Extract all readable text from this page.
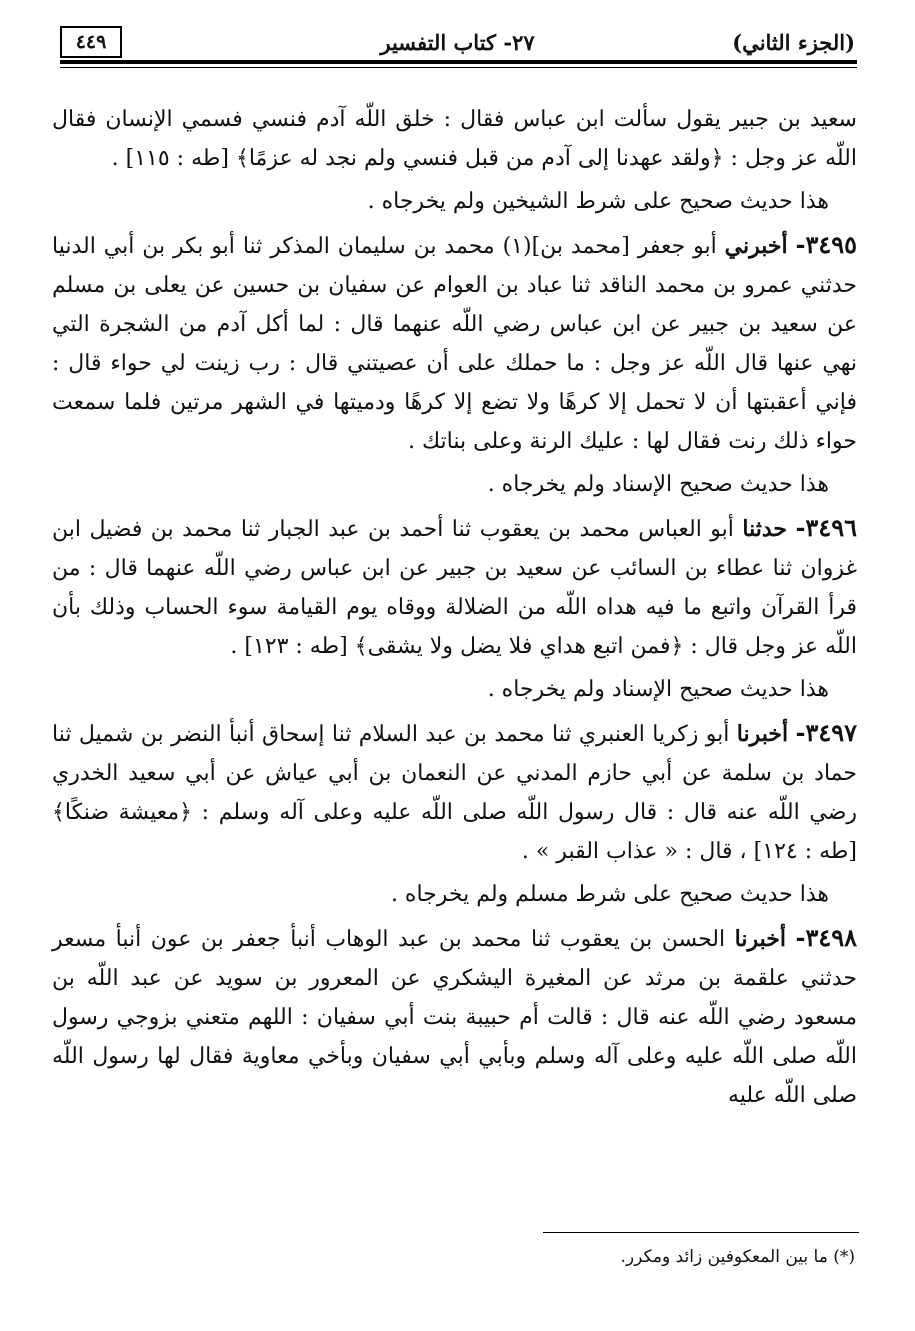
(الجزء الثاني)
٢٧- كتاب التفسير
٤٤٩

سعيد بن جبير يقول سألت ابن عباس فقال : خلق اللّه آدم فنسي فسمي الإنسان فقال اللّه عز وجل : ﴿ولقد عهدنا إلى آدم من قبل فنسي ولم نجد له عزمًا﴾ [طه : ١١٥] .

هذا حديث صحيح على شرط الشيخين ولم يخرجاه .

٣٤٩٥- أخبرني أبو جعفر [محمد بن](١) محمد بن سليمان المذكر ثنا أبو بكر بن أبي الدنيا حدثني عمرو بن محمد الناقد ثنا عباد بن العوام عن سفيان بن حسين عن يعلى بن مسلم عن سعيد بن جبير عن ابن عباس رضي اللّه عنهما قال : لما أكل آدم من الشجرة التي نهي عنها قال اللّه عز وجل : ما حملك على أن عصيتني قال : رب زينت لي حواء قال : فإني أعقبتها أن لا تحمل إلا كرهًا ولا تضع إلا كرهًا ودميتها في الشهر مرتين فلما سمعت حواء ذلك رنت فقال لها : عليك الرنة وعلى بناتك .

هذا حديث صحيح الإسناد ولم يخرجاه .

٣٤٩٦- حدثنا أبو العباس محمد بن يعقوب ثنا أحمد بن عبد الجبار ثنا محمد بن فضيل ابن غزوان ثنا عطاء بن السائب عن سعيد بن جبير عن ابن عباس رضي اللّه عنهما قال : من قرأ القرآن واتبع ما فيه هداه اللّه من الضلالة ووقاه يوم القيامة سوء الحساب وذلك بأن اللّه عز وجل قال : ﴿فمن اتبع هداي فلا يضل ولا يشقى﴾ [طه : ١٢٣] .

هذا حديث صحيح الإسناد ولم يخرجاه .

٣٤٩٧- أخبرنا أبو زكريا العنبري ثنا محمد بن عبد السلام ثنا إسحاق أنبأ النضر بن شميل ثنا حماد بن سلمة عن أبي حازم المدني عن النعمان بن أبي عياش عن أبي سعيد الخدري رضي اللّه عنه قال : قال رسول اللّه صلى اللّه عليه وعلى آله وسلم : ﴿معيشة ضنكًا﴾ [طه : ١٢٤] ، قال : « عذاب القبر » .

هذا حديث صحيح على شرط مسلم ولم يخرجاه .

٣٤٩٨- أخبرنا الحسن بن يعقوب ثنا محمد بن عبد الوهاب أنبأ جعفر بن عون أنبأ مسعر حدثني علقمة بن مرثد عن المغيرة اليشكري عن المعرور بن سويد عن عبد اللّه بن مسعود رضي اللّه عنه قال : قالت أم حبيبة بنت أبي سفيان : اللهم متعني بزوجي رسول اللّه صلى اللّه عليه وعلى آله وسلم وبأبي أبي سفيان وبأخي معاوية فقال لها رسول اللّه صلى اللّه عليه

(*) ما بين المعكوفين زائد ومكرر.
